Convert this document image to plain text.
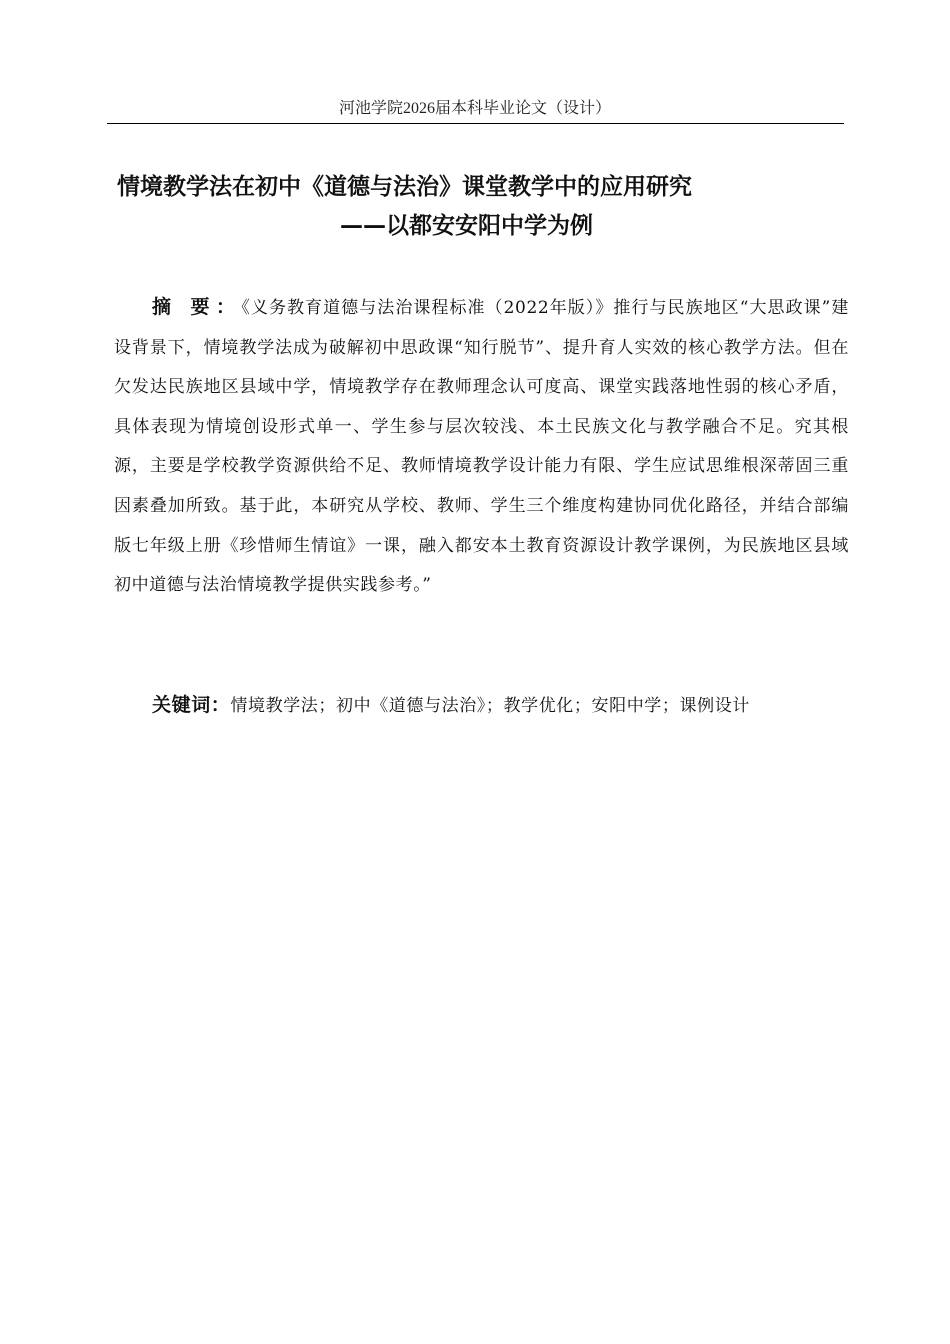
河池学院2026届本科毕业论文（设计）
情境教学法在初中《道德与法治》课堂教学中的应用研究
——以都安安阳中学为例

摘 要：《义务教育道德与法治课程标准（2022年版）》推行与民族地区“大思政课”建设背景下，情境教学法成为破解初中思政课“知行脱节”、提升育人实效的核心教学方法。但在欠发达民族地区县域中学，情境教学存在教师理念认可度高、课堂实践落地性弱的核心矛盾，具体表现为情境创设形式单一、学生参与层次较浅、本土民族文化与教学融合不足。究其根源，主要是学校教学资源供给不足、教师情境教学设计能力有限、学生应试思维根深蒂固三重因素叠加所致。基于此，本研究从学校、教师、学生三个维度构建协同优化路径，并结合部编版七年级上册《珍惜师生情谊》一课，融入都安本土教育资源设计教学课例，为民族地区县域初中道德与法治情境教学提供实践参考。”

关键词：情境教学法；初中《道德与法治》；教学优化；安阳中学；课例设计
